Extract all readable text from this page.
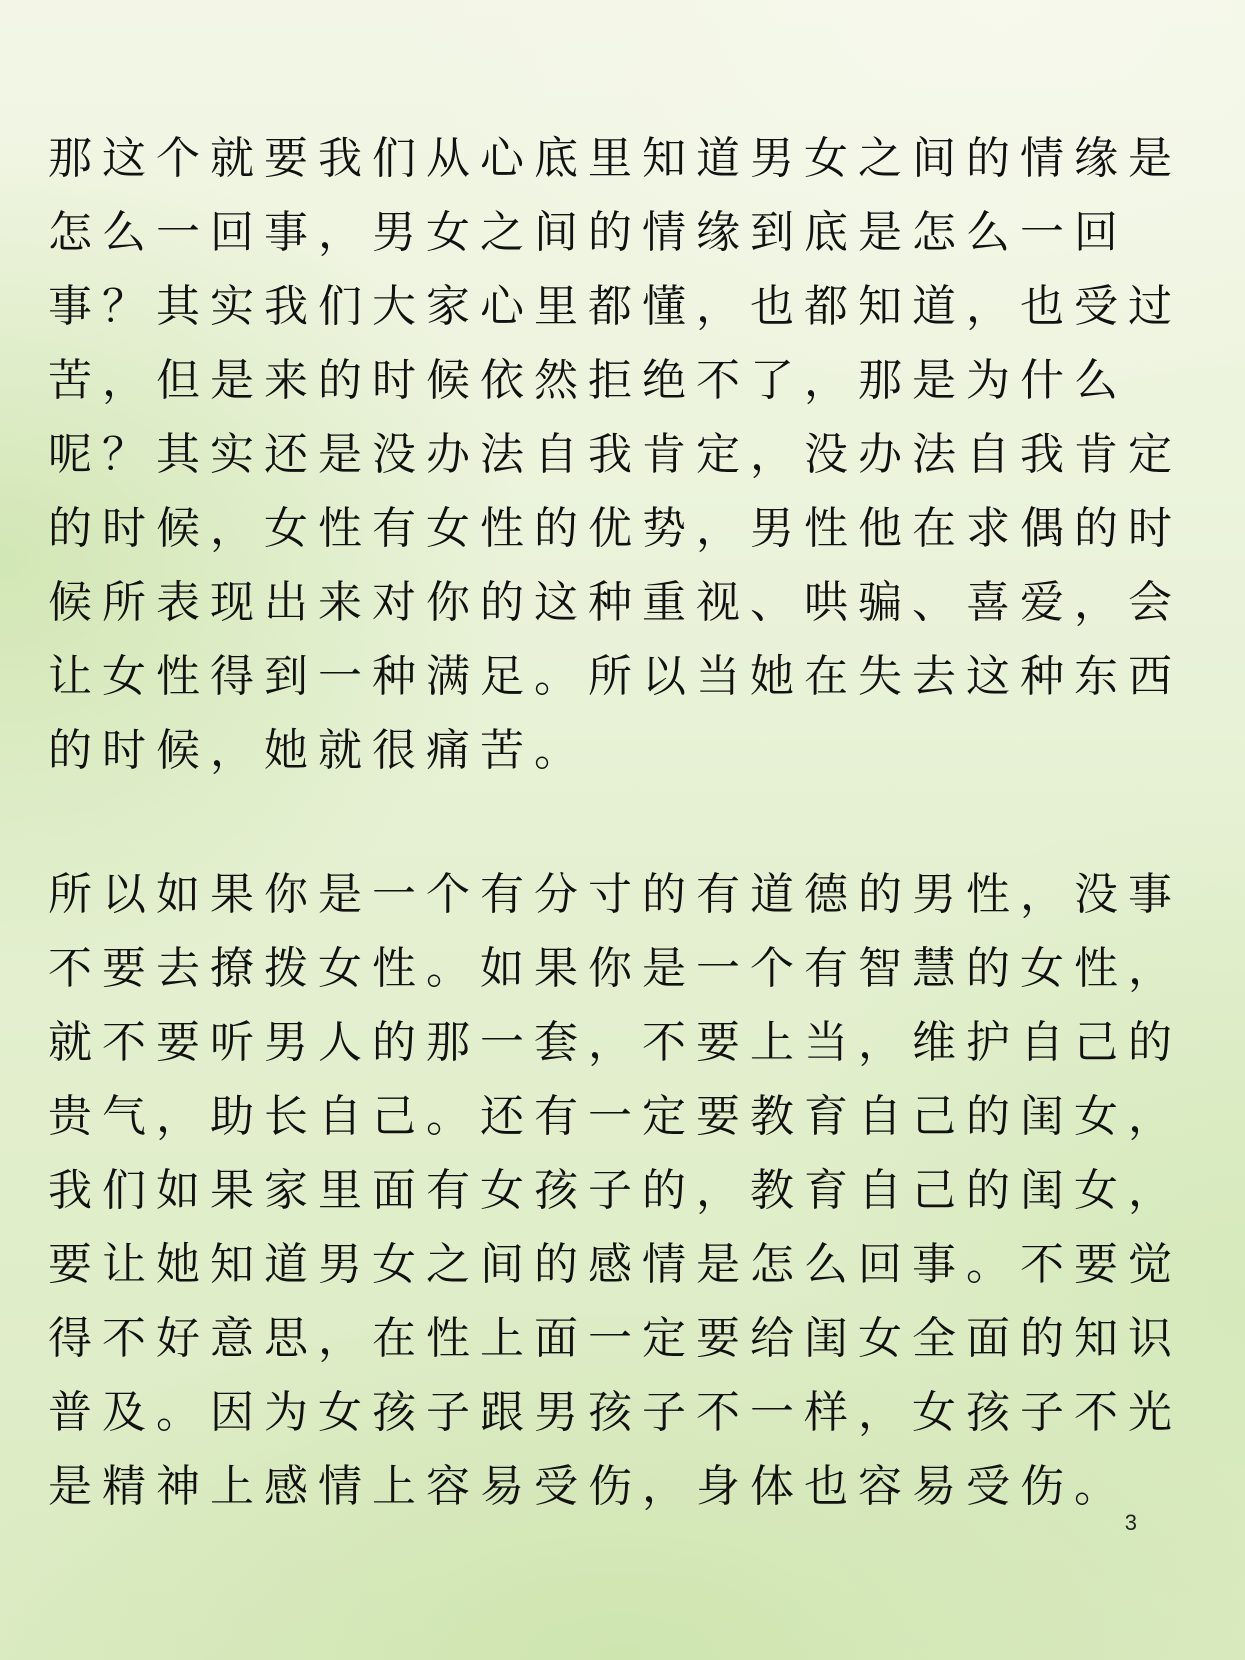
那这个就要我们从心底里知道男女之间的情缘是怎么一回事，男女之间的情缘到底是怎么一回事？其实我们大家心里都懂，也都知道，也受过苦，但是来的时候依然拒绝不了，那是为什么呢？其实还是没办法自我肯定，没办法自我肯定的时候，女性有女性的优势，男性他在求偶的时候所表现出来对你的这种重视、哄骗、喜爱，会让女性得到一种满足。所以当她在失去这种东西的时候，她就很痛苦。

所以如果你是一个有分寸的有道德的男性，没事不要去撩拨女性。如果你是一个有智慧的女性，就不要听男人的那一套，不要上当，维护自己的贵气，助长自己。还有一定要教育自己的闺女，我们如果家里面有女孩子的，教育自己的闺女，要让她知道男女之间的感情是怎么回事。不要觉得不好意思，在性上面一定要给闺女全面的知识普及。因为女孩子跟男孩子不一样，女孩子不光是精神上感情上容易受伤，身体也容易受伤。

3
